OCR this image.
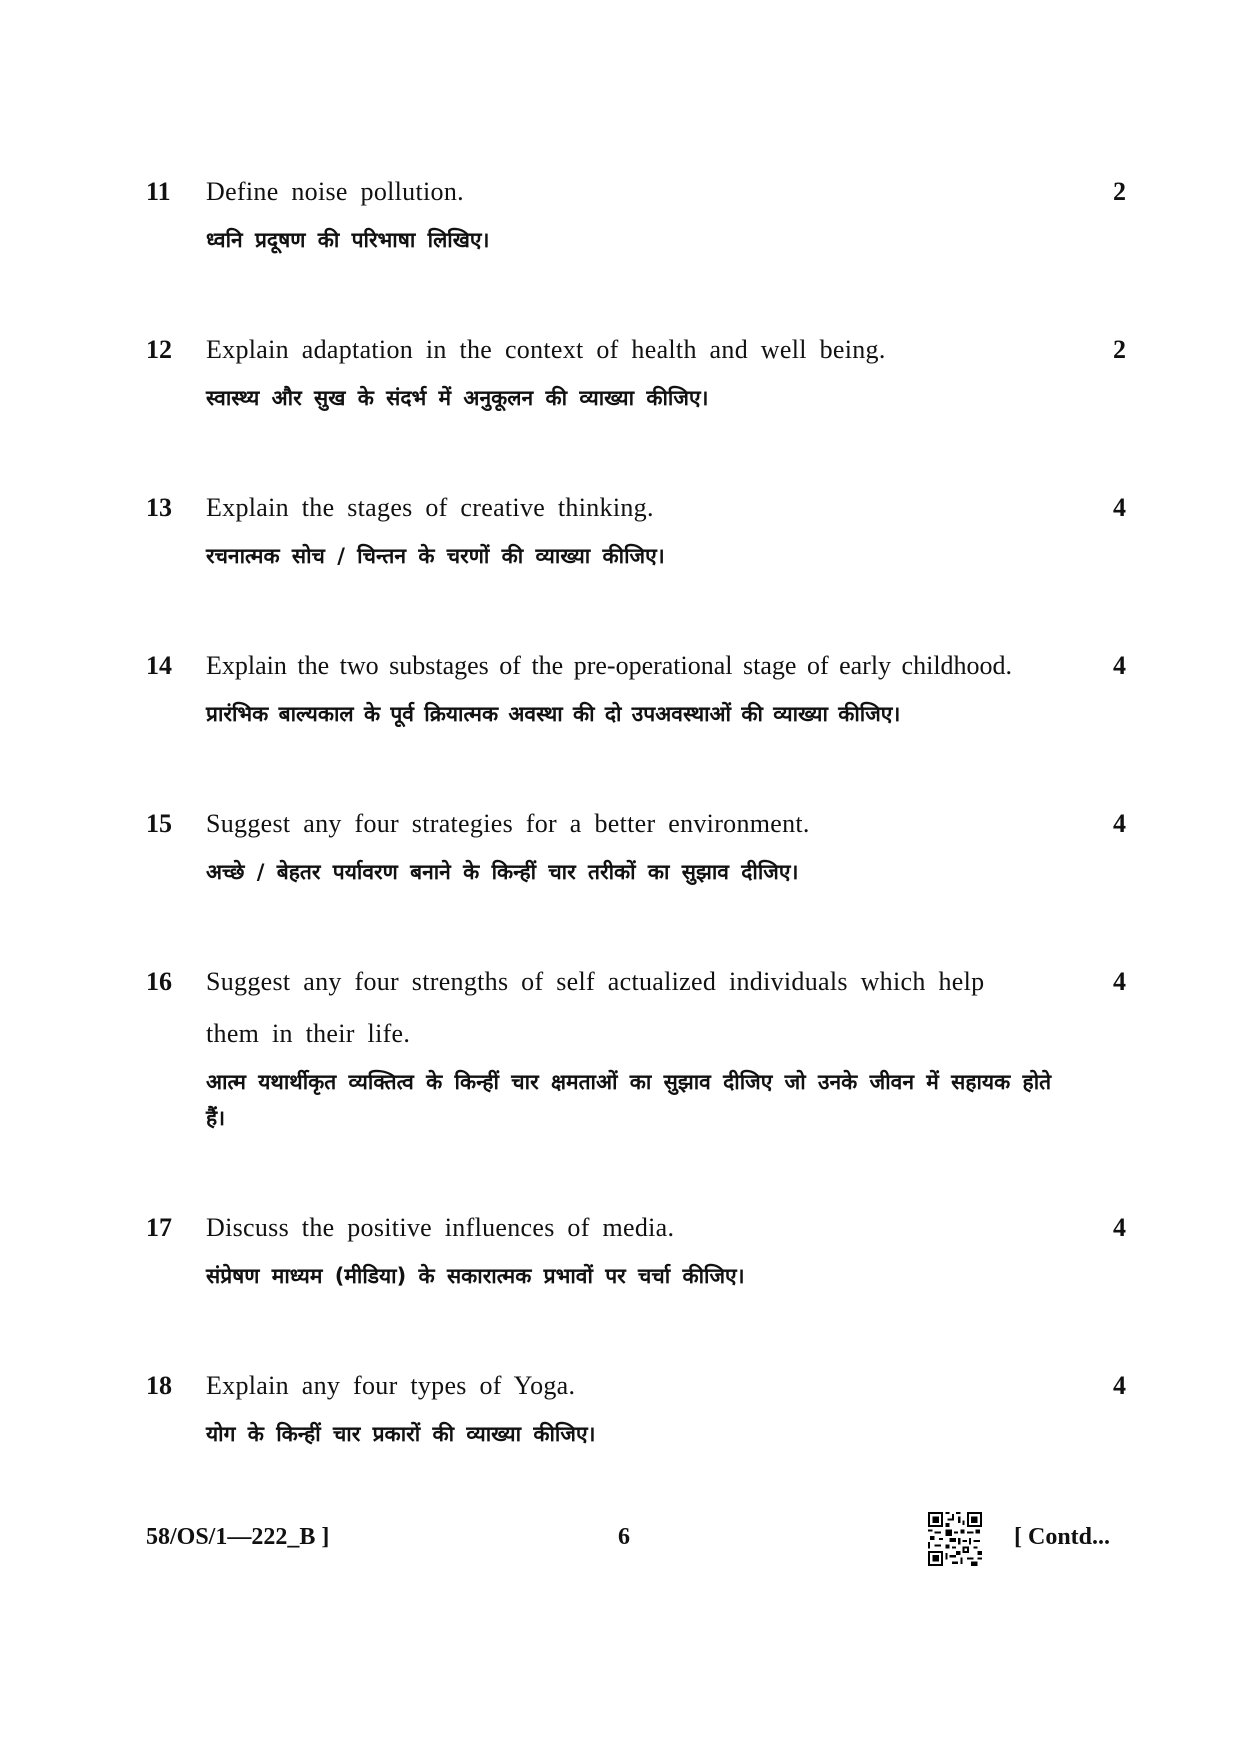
11 Define noise pollution.
ध्वनि प्रदूषण की परिभाषा लिखिए।
2
12 Explain adaptation in the context of health and well being.
स्वास्थ्य और सुख के संदर्भ में अनुकूलन की व्याख्या कीजिए।
2
13 Explain the stages of creative thinking.
रचनात्मक सोच / चिन्तन के चरणों की व्याख्या कीजिए।
4
14 Explain the two substages of the pre-operational stage of early childhood.
प्रारंभिक बाल्यकाल के पूर्व क्रियात्मक अवस्था की दो उपअवस्थाओं की व्याख्या कीजिए।
4
15 Suggest any four strategies for a better environment.
अच्छे / बेहतर पर्यावरण बनाने के किन्हीं चार तरीकों का सुझाव दीजिए।
4
16 Suggest any four strengths of self actualized individuals which help them in their life.
आत्म यथार्थीकृत व्यक्तित्व के किन्हीं चार क्षमताओं का सुझाव दीजिए जो उनके जीवन में सहायक होते हैं।
4
17 Discuss the positive influences of media.
संप्रेषण माध्यम (मीडिया) के सकारात्मक प्रभावों पर चर्चा कीजिए।
4
18 Explain any four types of Yoga.
योग के किन्हीं चार प्रकारों की व्याख्या कीजिए।
4
58/OS/1—222_B ]	6	[ Contd...
